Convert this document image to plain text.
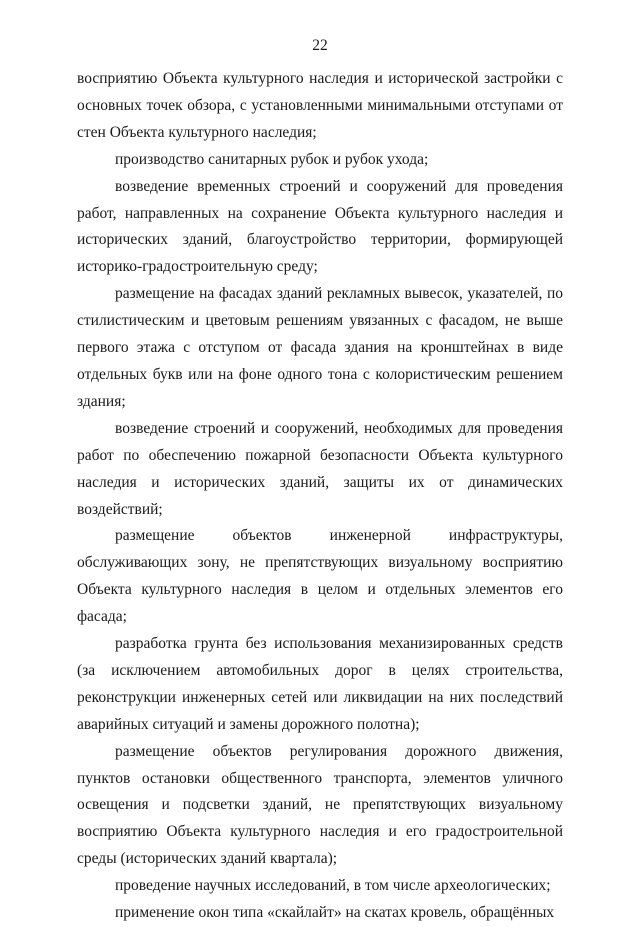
22

восприятию Объекта культурного наследия и исторической застройки с основных точек обзора, с установленными минимальными отступами от стен Объекта культурного наследия;

производство санитарных рубок и рубок ухода;

возведение временных строений и сооружений для проведения работ, направленных на сохранение Объекта культурного наследия и исторических зданий, благоустройство территории, формирующей историко-градостроительную среду;

размещение на фасадах зданий рекламных вывесок, указателей, по стилистическим и цветовым решениям увязанных с фасадом, не выше первого этажа с отступом от фасада здания на кронштейнах в виде отдельных букв или на фоне одного тона с колористическим решением здания;

возведение строений и сооружений, необходимых для проведения работ по обеспечению пожарной безопасности Объекта культурного наследия и исторических зданий, защиты их от динамических воздействий;

размещение объектов инженерной инфраструктуры, обслуживающих зону, не препятствующих визуальному восприятию Объекта культурного наследия в целом и отдельных элементов его фасада;

разработка грунта без использования механизированных средств (за исключением автомобильных дорог в целях строительства, реконструкции инженерных сетей или ликвидации на них последствий аварийных ситуаций и замены дорожного полотна);

размещение объектов регулирования дорожного движения, пунктов остановки общественного транспорта, элементов уличного освещения и подсветки зданий, не препятствующих визуальному восприятию Объекта культурного наследия и его градостроительной среды (исторических зданий квартала);

проведение научных исследований, в том числе археологических;

применение окон типа «скайлайт» на скатах кровель, обращённых
